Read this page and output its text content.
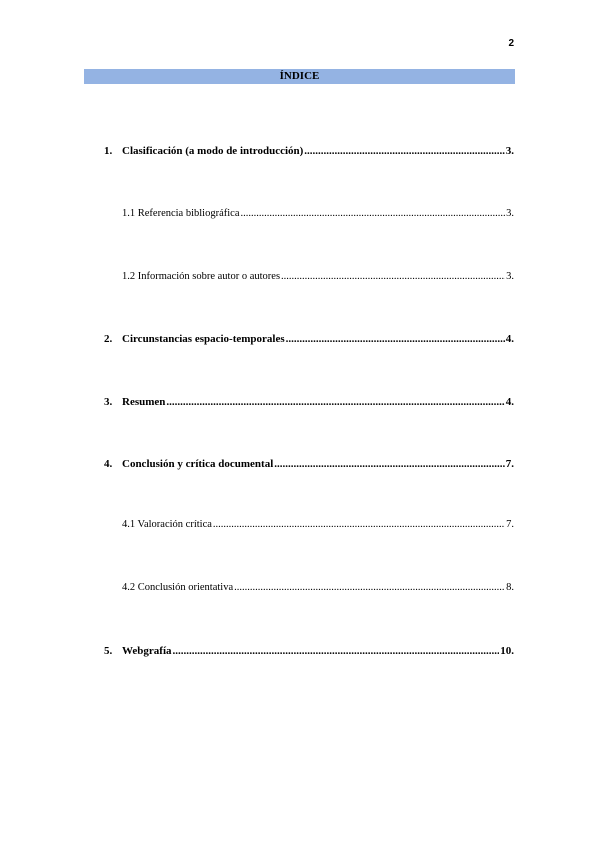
2
ÍNDICE
1. Clasificación (a modo de introducción) .....	3.
1.1 Referencia bibliográfica .....	3.
1.2 Información sobre autor o autores .....	3.
2. Circunstancias espacio-temporales .....	4.
3. Resumen .....	4.
4. Conclusión y crítica documental .....	7.
4.1 Valoración crítica .....	7.
4.2 Conclusión orientativa .....	8.
5. Webgrafía .....	10.
